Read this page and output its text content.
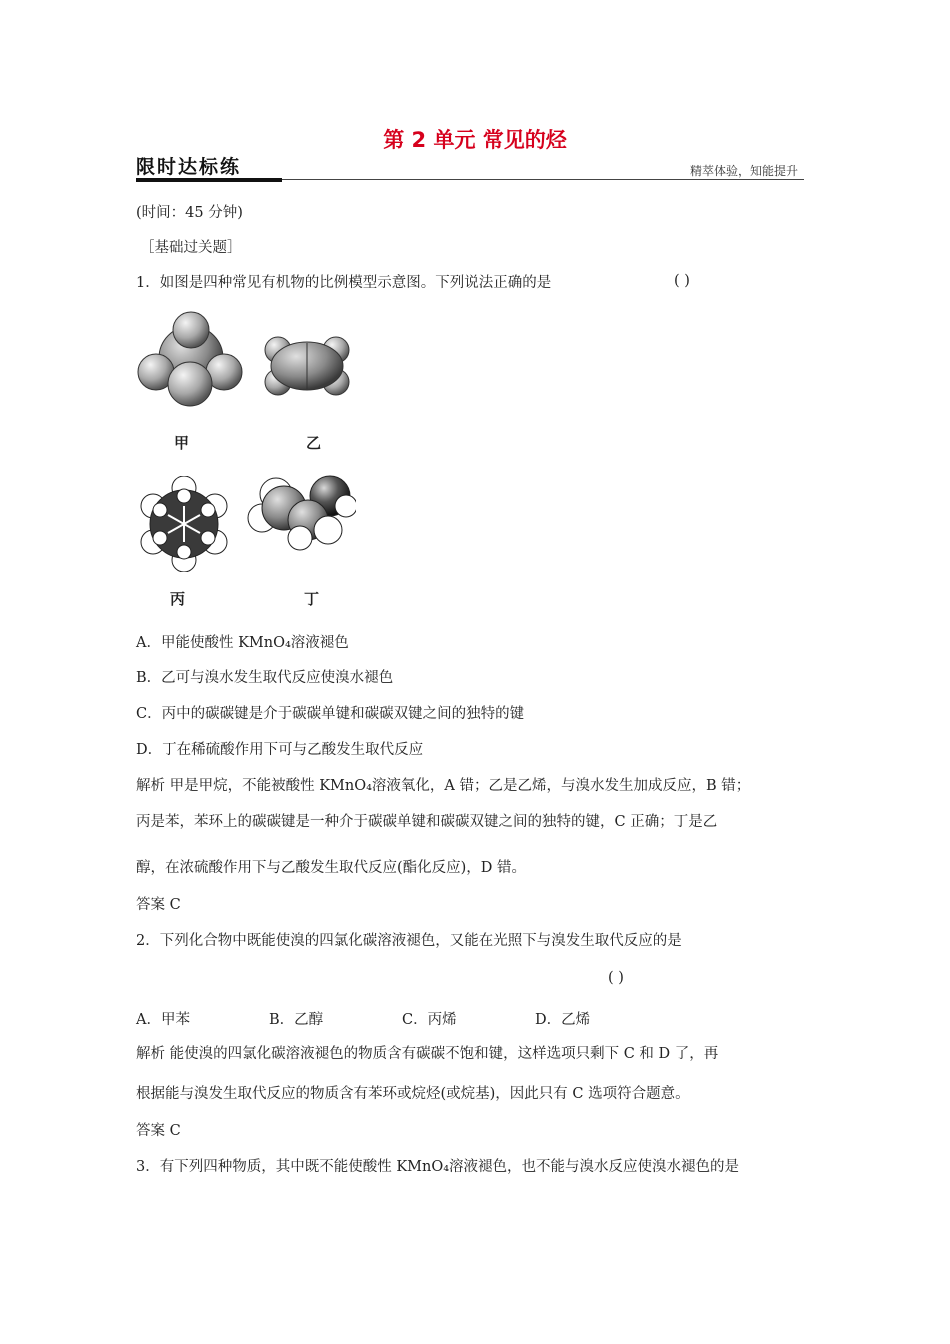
第 2 单元 常见的烃
限时达标练	精萃体验，知能提升
(时间：45 分钟)
［基础过关题］
1．如图是四种常见有机物的比例模型示意图。下列说法正确的是	( )
甲	乙
丙	丁
A．甲能使酸性 KMnO₄溶液褪色
B．乙可与溴水发生取代反应使溴水褪色
C．丙中的碳碳键是介于碳碳单键和碳碳双键之间的独特的键
D．丁在稀硫酸作用下可与乙酸发生取代反应
解析 甲是甲烷，不能被酸性 KMnO₄溶液氧化，A 错；乙是乙烯，与溴水发生加成反应，B 错；
丙是苯，苯环上的碳碳键是一种介于碳碳单键和碳碳双键之间的独特的键，C 正确；丁是乙
醇，在浓硫酸作用下与乙酸发生取代反应(酯化反应)，D 错。
答案 C
2．下列化合物中既能使溴的四氯化碳溶液褪色，又能在光照下与溴发生取代反应的是
( )
A．甲苯	B．乙醇	C．丙烯	D．乙烯
解析 能使溴的四氯化碳溶液褪色的物质含有碳碳不饱和键，这样选项只剩下 C 和 D 了，再
根据能与溴发生取代反应的物质含有苯环或烷烃(或烷基)，因此只有 C 选项符合题意。
答案 C
3．有下列四种物质，其中既不能使酸性 KMnO₄溶液褪色，也不能与溴水反应使溴水褪色的是
